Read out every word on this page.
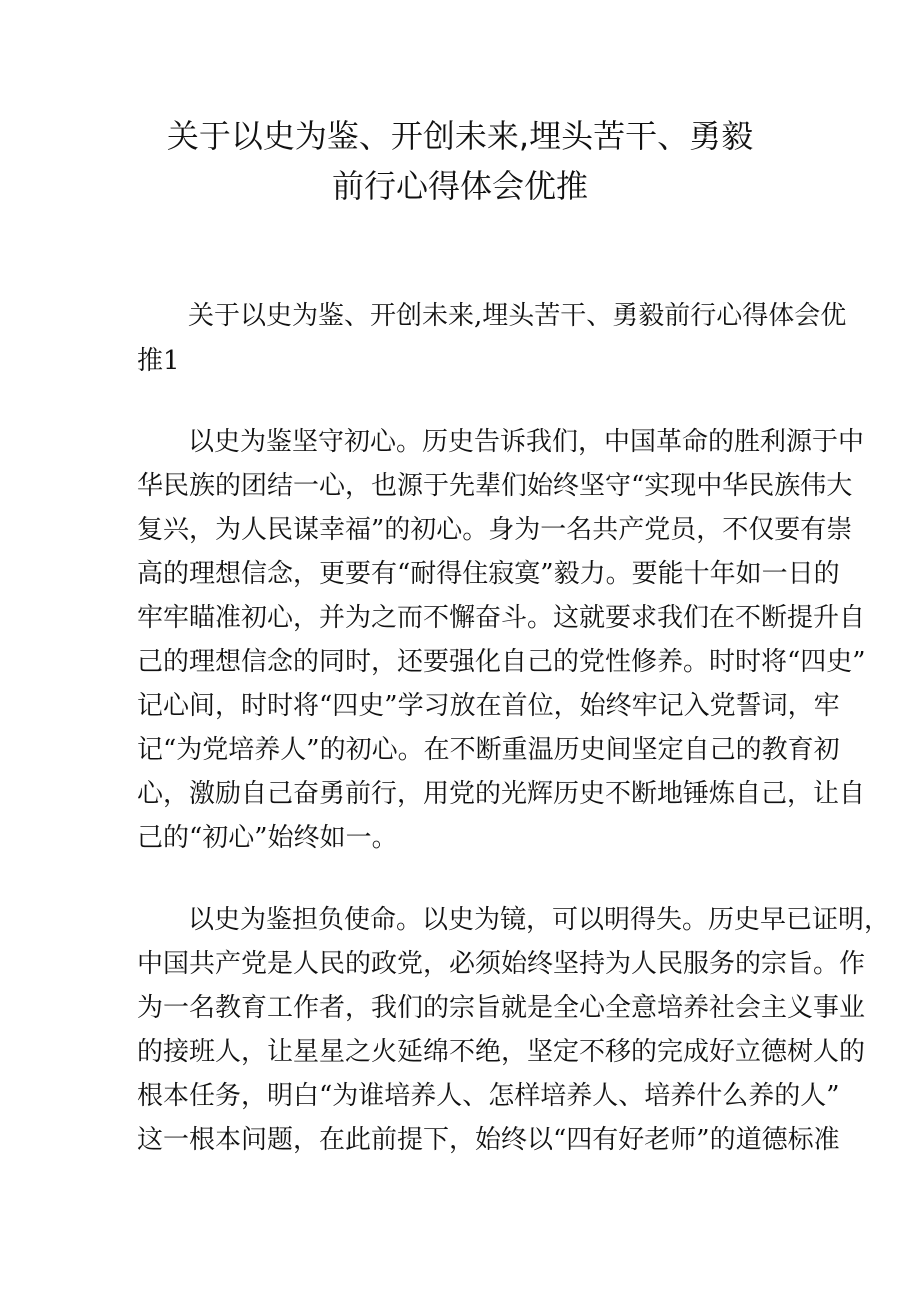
关于以史为鉴、开创未来,埋头苦干、勇毅
前行心得体会优推

关于以史为鉴、开创未来,埋头苦干、勇毅前行心得体会优

推1

以史为鉴坚守初心。历史告诉我们，中国革命的胜利源于中

华民族的团结一心，也源于先辈们始终坚守“实现中华民族伟大

复兴，为人民谋幸福”的初心。身为一名共产党员，不仅要有崇

高的理想信念，更要有“耐得住寂寞”毅力。要能十年如一日的

牢牢瞄准初心，并为之而不懈奋斗。这就要求我们在不断提升自

己的理想信念的同时，还要强化自己的党性修养。时时将“四史”

记心间，时时将“四史”学习放在首位，始终牢记入党誓词，牢

记“为党培养人”的初心。在不断重温历史间坚定自己的教育初

心，激励自己奋勇前行，用党的光辉历史不断地锤炼自己，让自

己的“初心”始终如一。

以史为鉴担负使命。以史为镜，可以明得失。历史早已证明，

中国共产党是人民的政党，必须始终坚持为人民服务的宗旨。作

为一名教育工作者，我们的宗旨就是全心全意培养社会主义事业

的接班人，让星星之火延绵不绝，坚定不移的完成好立德树人的

根本任务，明白“为谁培养人、怎样培养人、培养什么养的人”

这一根本问题，在此前提下，始终以“四有好老师”的道德标准
